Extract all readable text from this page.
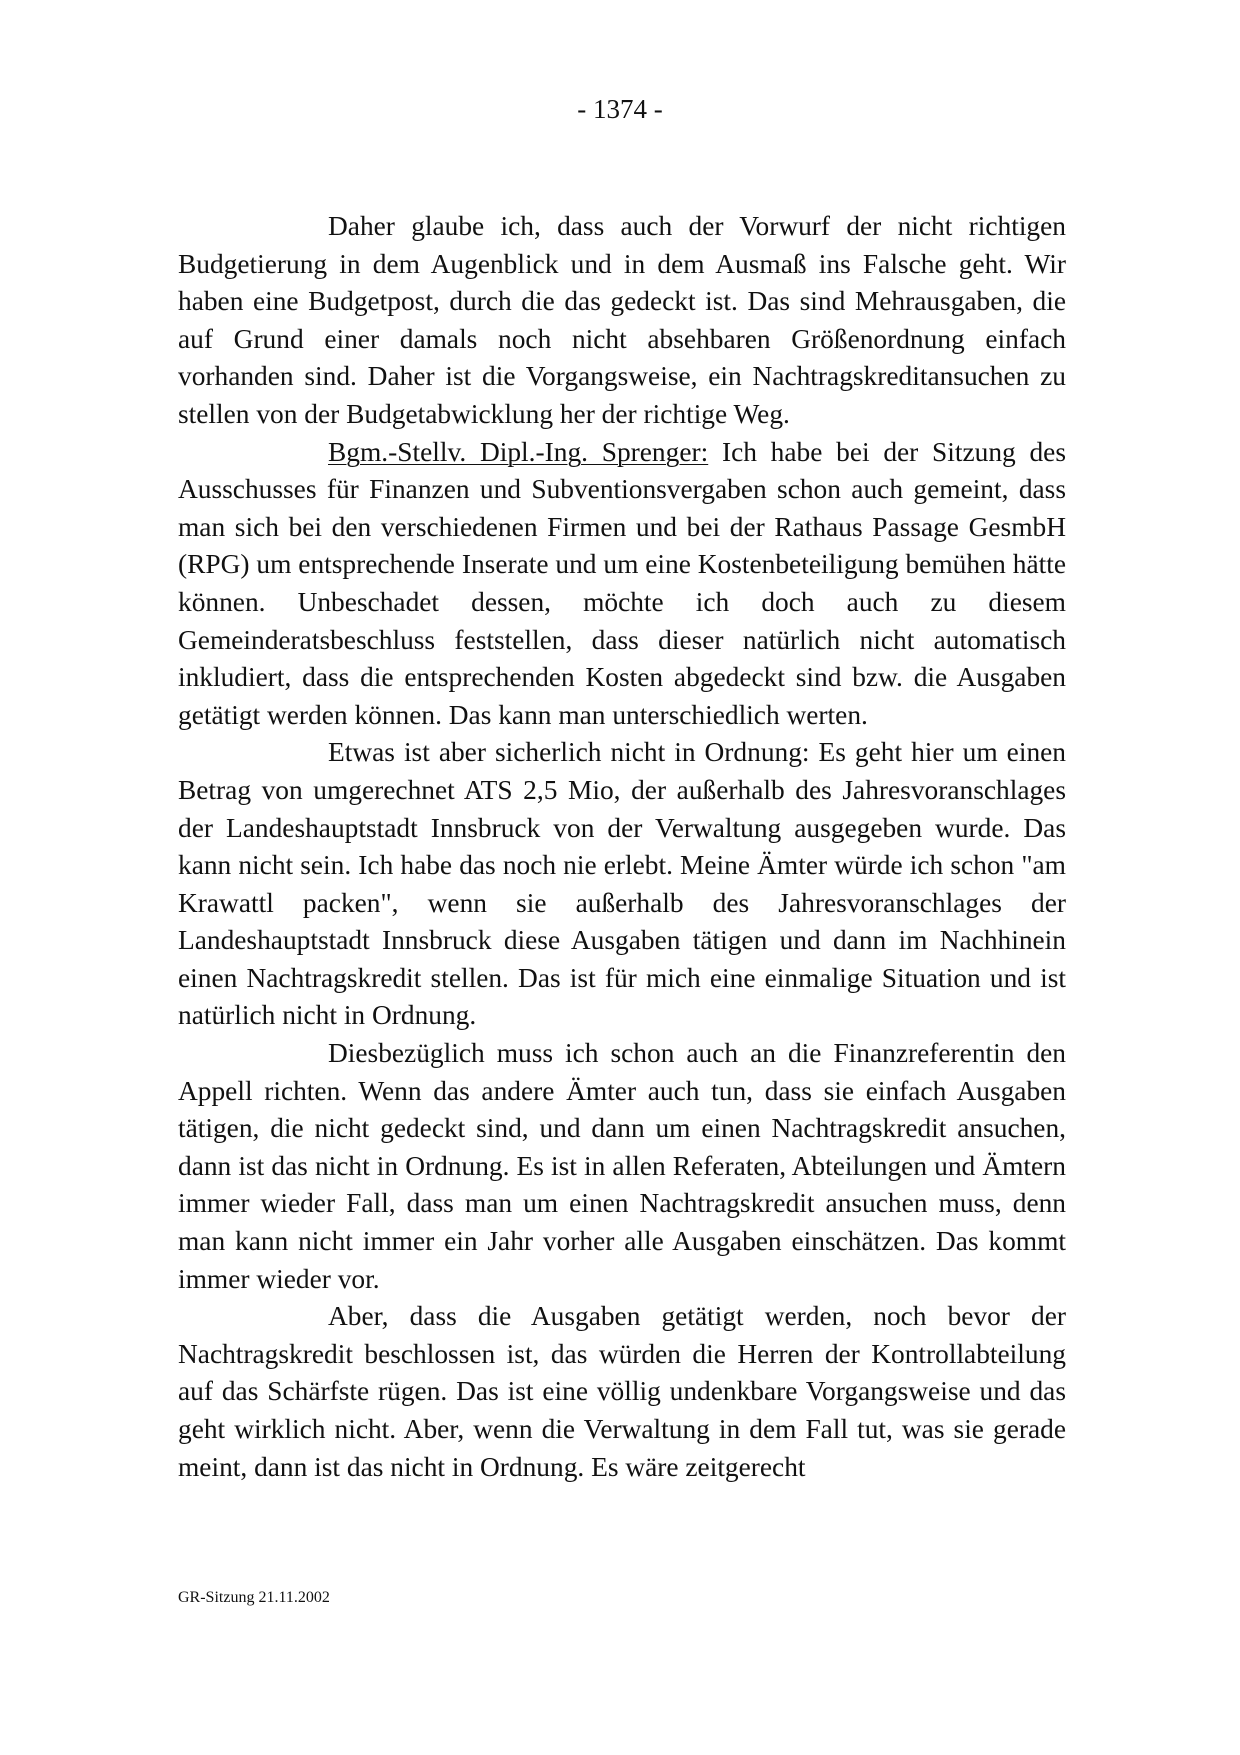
- 1374 -

Daher glaube ich, dass auch der Vorwurf der nicht richtigen Budgetierung in dem Augenblick und in dem Ausmaß ins Falsche geht. Wir haben eine Budgetpost, durch die das gedeckt ist. Das sind Mehrausgaben, die auf Grund einer damals noch nicht absehbaren Größenordnung einfach vorhanden sind. Daher ist die Vorgangsweise, ein Nachtragskreditansuchen zu stellen von der Budgetabwicklung her der richtige Weg.

Bgm.-Stellv. Dipl.-Ing. Sprenger: Ich habe bei der Sitzung des Ausschusses für Finanzen und Subventionsvergaben schon auch gemeint, dass man sich bei den verschiedenen Firmen und bei der Rathaus Passage GesmbH (RPG) um entsprechende Inserate und um eine Kostenbeteiligung bemühen hätte können. Unbeschadet dessen, möchte ich doch auch zu diesem Gemeinderatsbeschluss feststellen, dass dieser natürlich nicht automatisch inkludiert, dass die entsprechenden Kosten abgedeckt sind bzw. die Ausgaben getätigt werden können. Das kann man unterschiedlich werten.

Etwas ist aber sicherlich nicht in Ordnung: Es geht hier um einen Betrag von umgerechnet ATS 2,5 Mio, der außerhalb des Jahresvoranschlages der Landeshauptstadt Innsbruck von der Verwaltung ausgegeben wurde. Das kann nicht sein. Ich habe das noch nie erlebt. Meine Ämter würde ich schon "am Krawattl packen", wenn sie außerhalb des Jahresvoranschlages der Landeshauptstadt Innsbruck diese Ausgaben tätigen und dann im Nachhinein einen Nachtragskredit stellen. Das ist für mich eine einmalige Situation und ist natürlich nicht in Ordnung.

Diesbezüglich muss ich schon auch an die Finanzreferentin den Appell richten. Wenn das andere Ämter auch tun, dass sie einfach Ausgaben tätigen, die nicht gedeckt sind, und dann um einen Nachtragskredit ansuchen, dann ist das nicht in Ordnung. Es ist in allen Referaten, Abteilungen und Ämtern immer wieder Fall, dass man um einen Nachtragskredit ansuchen muss, denn man kann nicht immer ein Jahr vorher alle Ausgaben einschätzen. Das kommt immer wieder vor.

Aber, dass die Ausgaben getätigt werden, noch bevor der Nachtragskredit beschlossen ist, das würden die Herren der Kontrollabteilung auf das Schärfste rügen. Das ist eine völlig undenkbare Vorgangsweise und das geht wirklich nicht. Aber, wenn die Verwaltung in dem Fall tut, was sie gerade meint, dann ist das nicht in Ordnung. Es wäre zeitgerecht

GR-Sitzung 21.11.2002
